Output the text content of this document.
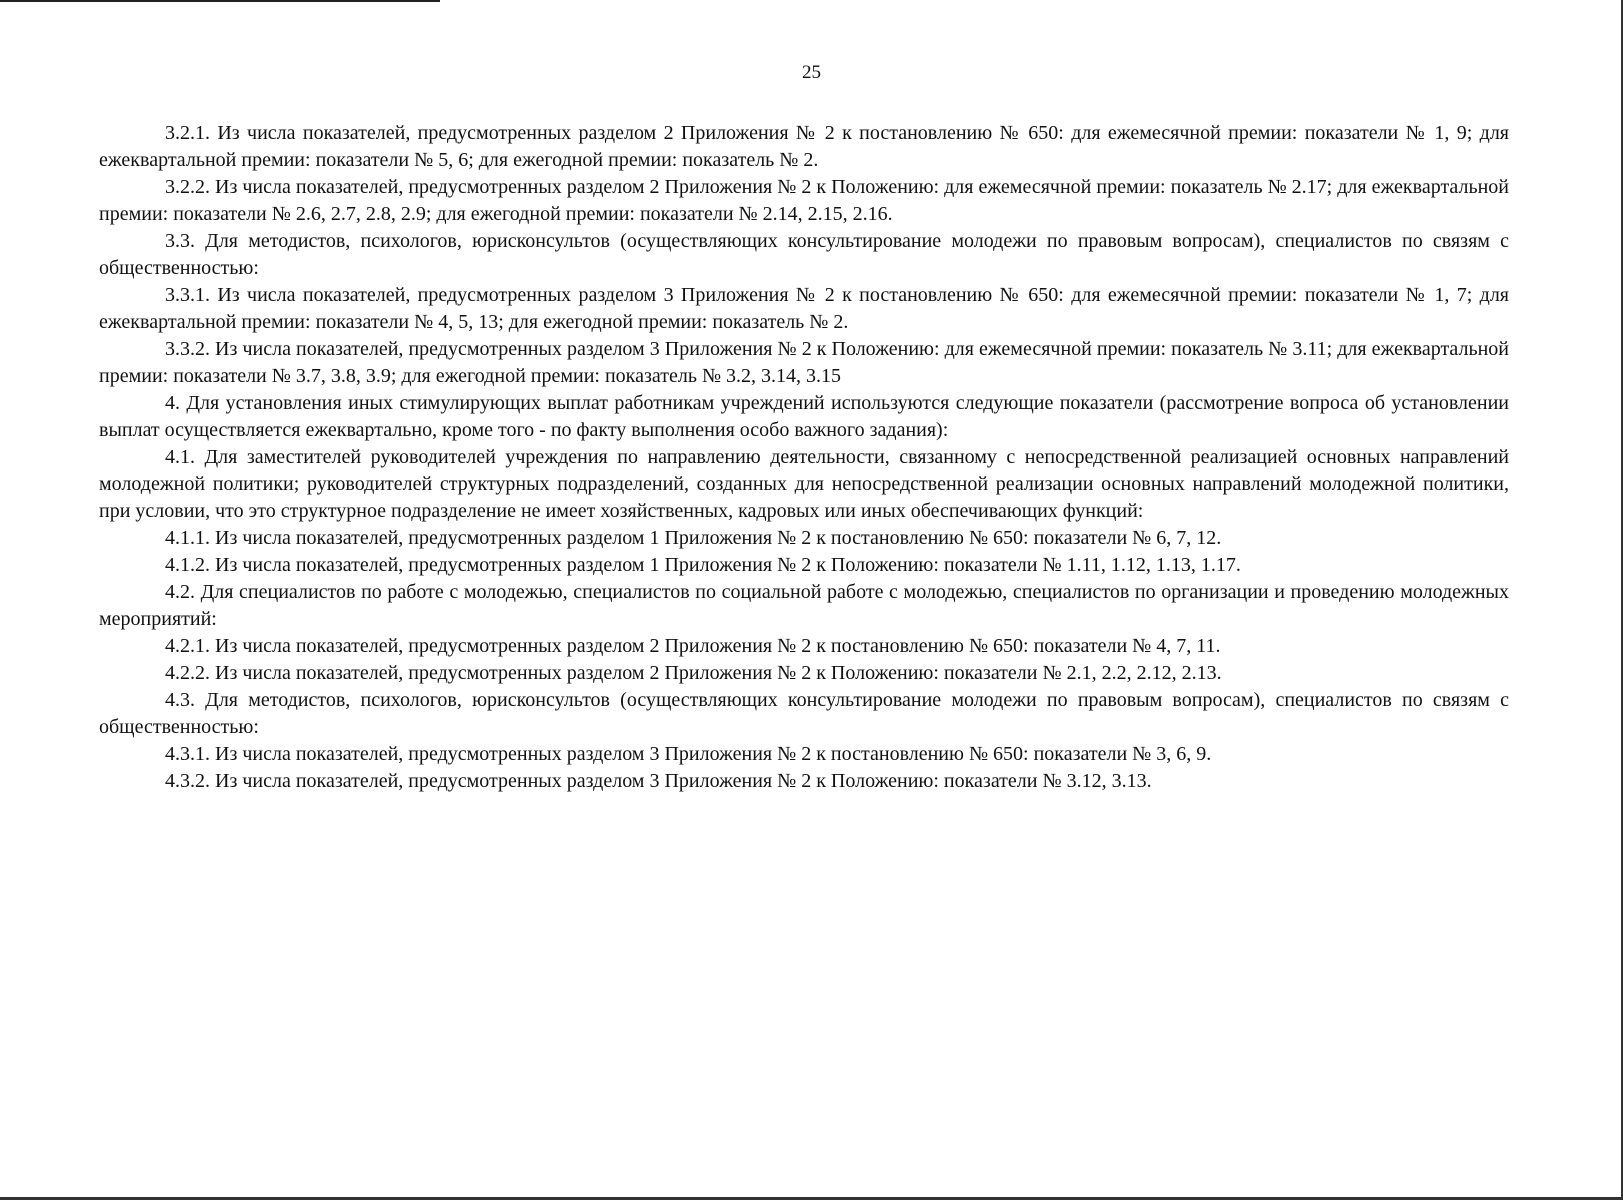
25

3.2.1. Из числа показателей, предусмотренных разделом 2 Приложения № 2 к постановлению № 650: для ежемесячной премии: показатели № 1, 9; для ежеквартальной премии: показатели № 5, 6; для ежегодной премии: показатель № 2.

3.2.2. Из числа показателей, предусмотренных разделом 2 Приложения № 2 к Положению: для ежемесячной премии: показатель № 2.17; для ежеквартальной премии: показатели № 2.6, 2.7, 2.8, 2.9; для ежегодной премии: показатели № 2.14, 2.15, 2.16.

3.3. Для методистов, психологов, юрисконсультов (осуществляющих консультирование молодежи по правовым вопросам), специалистов по связям с общественностью:

3.3.1. Из числа показателей, предусмотренных разделом 3 Приложения № 2 к постановлению № 650: для ежемесячной премии: показатели № 1, 7; для ежеквартальной премии: показатели № 4, 5, 13; для ежегодной премии: показатель № 2.

3.3.2. Из числа показателей, предусмотренных разделом 3 Приложения № 2 к Положению: для ежемесячной премии: показатель № 3.11; для ежеквартальной премии: показатели № 3.7, 3.8, 3.9; для ежегодной премии: показатель № 3.2, 3.14, 3.15

4. Для установления иных стимулирующих выплат работникам учреждений используются следующие показатели (рассмотрение вопроса об установлении выплат осуществляется ежеквартально, кроме того - по факту выполнения особо важного задания):

4.1. Для заместителей руководителей учреждения по направлению деятельности, связанному с непосредственной реализацией основных направлений молодежной политики; руководителей структурных подразделений, созданных для непосредственной реализации основных направлений молодежной политики, при условии, что это структурное подразделение не имеет хозяйственных, кадровых или иных обеспечивающих функций:

4.1.1. Из числа показателей, предусмотренных разделом 1 Приложения № 2 к постановлению № 650: показатели № 6, 7, 12.

4.1.2. Из числа показателей, предусмотренных разделом 1 Приложения № 2 к Положению: показатели № 1.11, 1.12, 1.13, 1.17.

4.2. Для специалистов по работе с молодежью, специалистов по социальной работе с молодежью, специалистов по организации и проведению молодежных мероприятий:

4.2.1. Из числа показателей, предусмотренных разделом 2 Приложения № 2 к постановлению № 650: показатели № 4, 7, 11.

4.2.2. Из числа показателей, предусмотренных разделом 2 Приложения № 2 к Положению: показатели № 2.1, 2.2, 2.12, 2.13.

4.3. Для методистов, психологов, юрисконсультов (осуществляющих консультирование молодежи по правовым вопросам), специалистов по связям с общественностью:

4.3.1. Из числа показателей, предусмотренных разделом 3 Приложения № 2 к постановлению № 650: показатели № 3, 6, 9.

4.3.2. Из числа показателей, предусмотренных разделом 3 Приложения № 2 к Положению: показатели № 3.12, 3.13.
